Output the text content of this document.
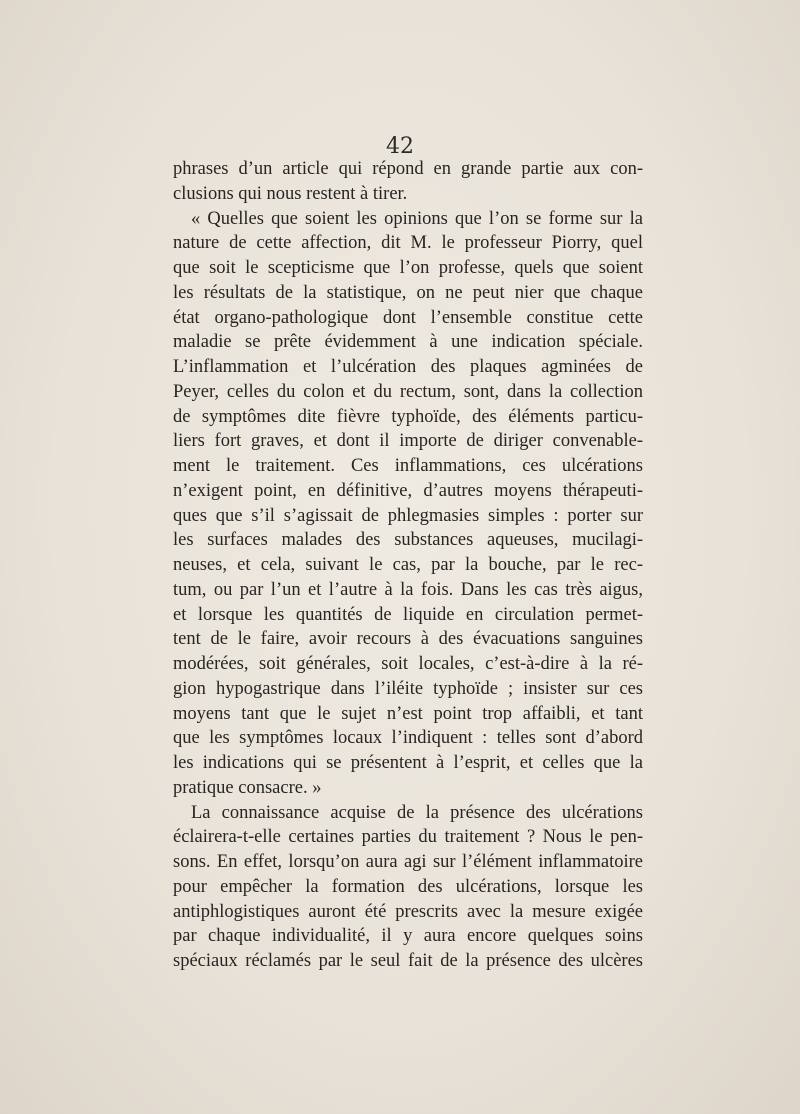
42
phrases d’un article qui répond en grande partie aux con-
clusions qui nous restent à tirer.
« Quelles que soient les opinions que l’on se forme sur la
nature de cette affection, dit M. le professeur Piorry, quel
que soit le scepticisme que l’on professe, quels que soient
les résultats de la statistique, on ne peut nier que chaque
état organo-pathologique dont l’ensemble constitue cette
maladie se prête évidemment à une indication spéciale.
L’inflammation et l’ulcération des plaques agminées de
Peyer, celles du colon et du rectum, sont, dans la collection
de symptômes dite fièvre typhoïde, des éléments particu-
liers fort graves, et dont il importe de diriger convenable-
ment le traitement. Ces inflammations, ces ulcérations
n’exigent point, en définitive, d’autres moyens thérapeuti-
ques que s’il s’agissait de phlegmasies simples : porter sur
les surfaces malades des substances aqueuses, mucilagi-
neuses, et cela, suivant le cas, par la bouche, par le rec-
tum, ou par l’un et l’autre à la fois. Dans les cas très aigus,
et lorsque les quantités de liquide en circulation permet-
tent de le faire, avoir recours à des évacuations sanguines
modérées, soit générales, soit locales, c’est-à-dire à la ré-
gion hypogastrique dans l’iléite typhoïde ; insister sur ces
moyens tant que le sujet n’est point trop affaibli, et tant
que les symptômes locaux l’indiquent : telles sont d’abord
les indications qui se présentent à l’esprit, et celles que la
pratique consacre. »
La connaissance acquise de la présence des ulcérations
éclairera-t-elle certaines parties du traitement ? Nous le pen-
sons. En effet, lorsqu’on aura agi sur l’élément inflammatoire
pour empêcher la formation des ulcérations, lorsque les
antiphlogistiques auront été prescrits avec la mesure exigée
par chaque individualité, il y aura encore quelques soins
spéciaux réclamés par le seul fait de la présence des ulcères
